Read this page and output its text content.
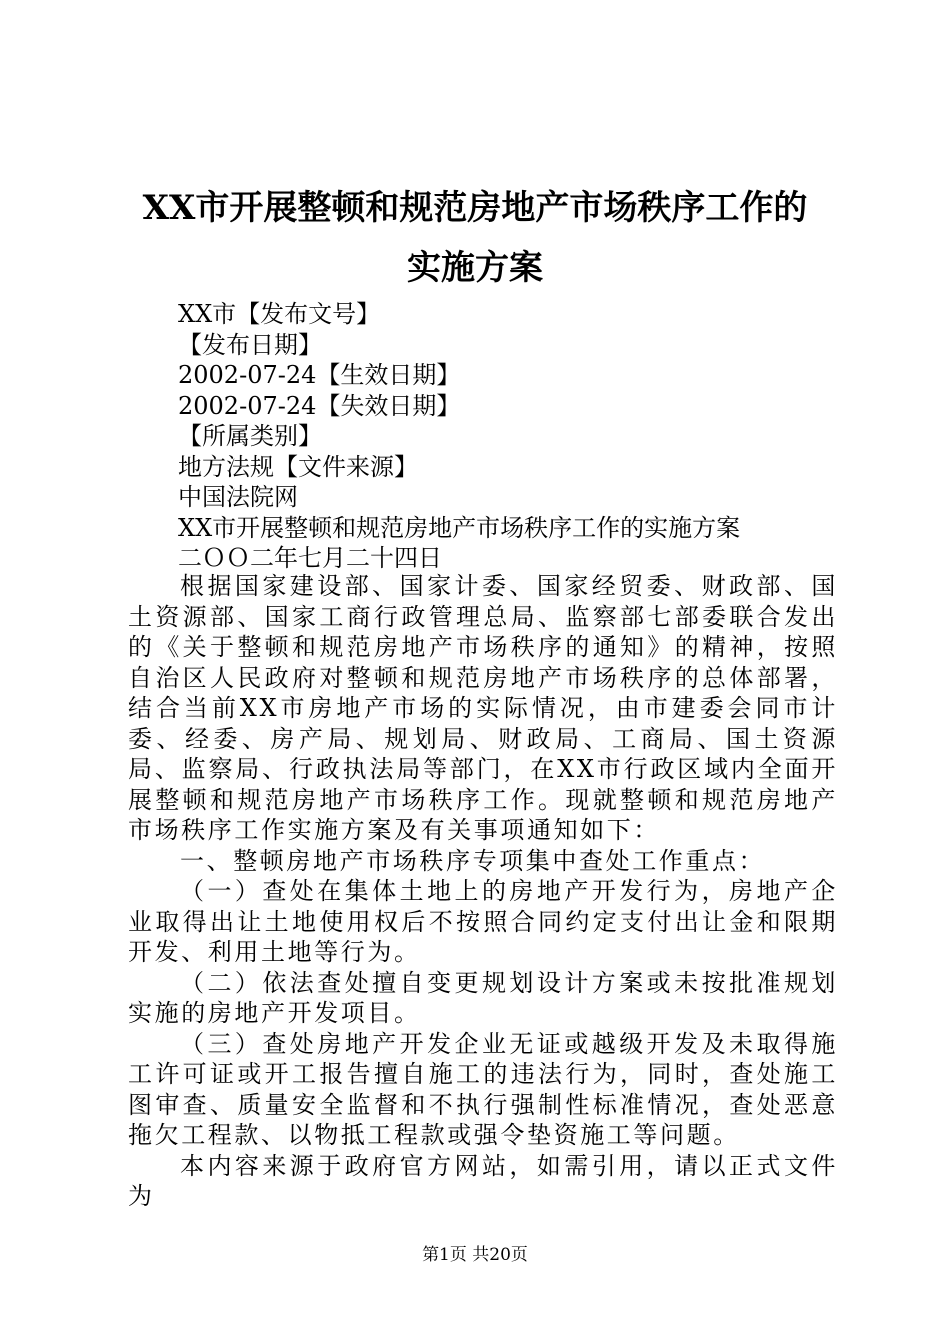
XX市开展整顿和规范房地产市场秩序工作的
实施方案
XX市【发布文号】
【发布日期】
2002-07-24【生效日期】
2002-07-24【失效日期】
【所属类别】
地方法规【文件来源】
中国法院网
XX市开展整顿和规范房地产市场秩序工作的实施方案
二ＯＯ二年七月二十四日

根据国家建设部、国家计委、国家经贸委、财政部、国土资源部、国家工商行政管理总局、监察部七部委联合发出的《关于整顿和规范房地产市场秩序的通知》的精神，按照自治区人民政府对整顿和规范房地产市场秩序的总体部署，结合当前XX市房地产市场的实际情况，由市建委会同市计委、经委、房产局、规划局、财政局、工商局、国土资源局、监察局、行政执法局等部门，在XX市行政区域内全面开展整顿和规范房地产市场秩序工作。现就整顿和规范房地产市场秩序工作实施方案及有关事项通知如下：

一、整顿房地产市场秩序专项集中查处工作重点：

（一）查处在集体土地上的房地产开发行为，房地产企业取得出让土地使用权后不按照合同约定支付出让金和限期开发、利用土地等行为。

（二）依法查处擅自变更规划设计方案或未按批准规划实施的房地产开发项目。

（三）查处房地产开发企业无证或越级开发及未取得施工许可证或开工报告擅自施工的违法行为，同时，查处施工图审查、质量安全监督和不执行强制性标准情况，查处恶意拖欠工程款、以物抵工程款或强令垫资施工等问题。

本内容来源于政府官方网站，如需引用，请以正式文件为

第1页 共20页
